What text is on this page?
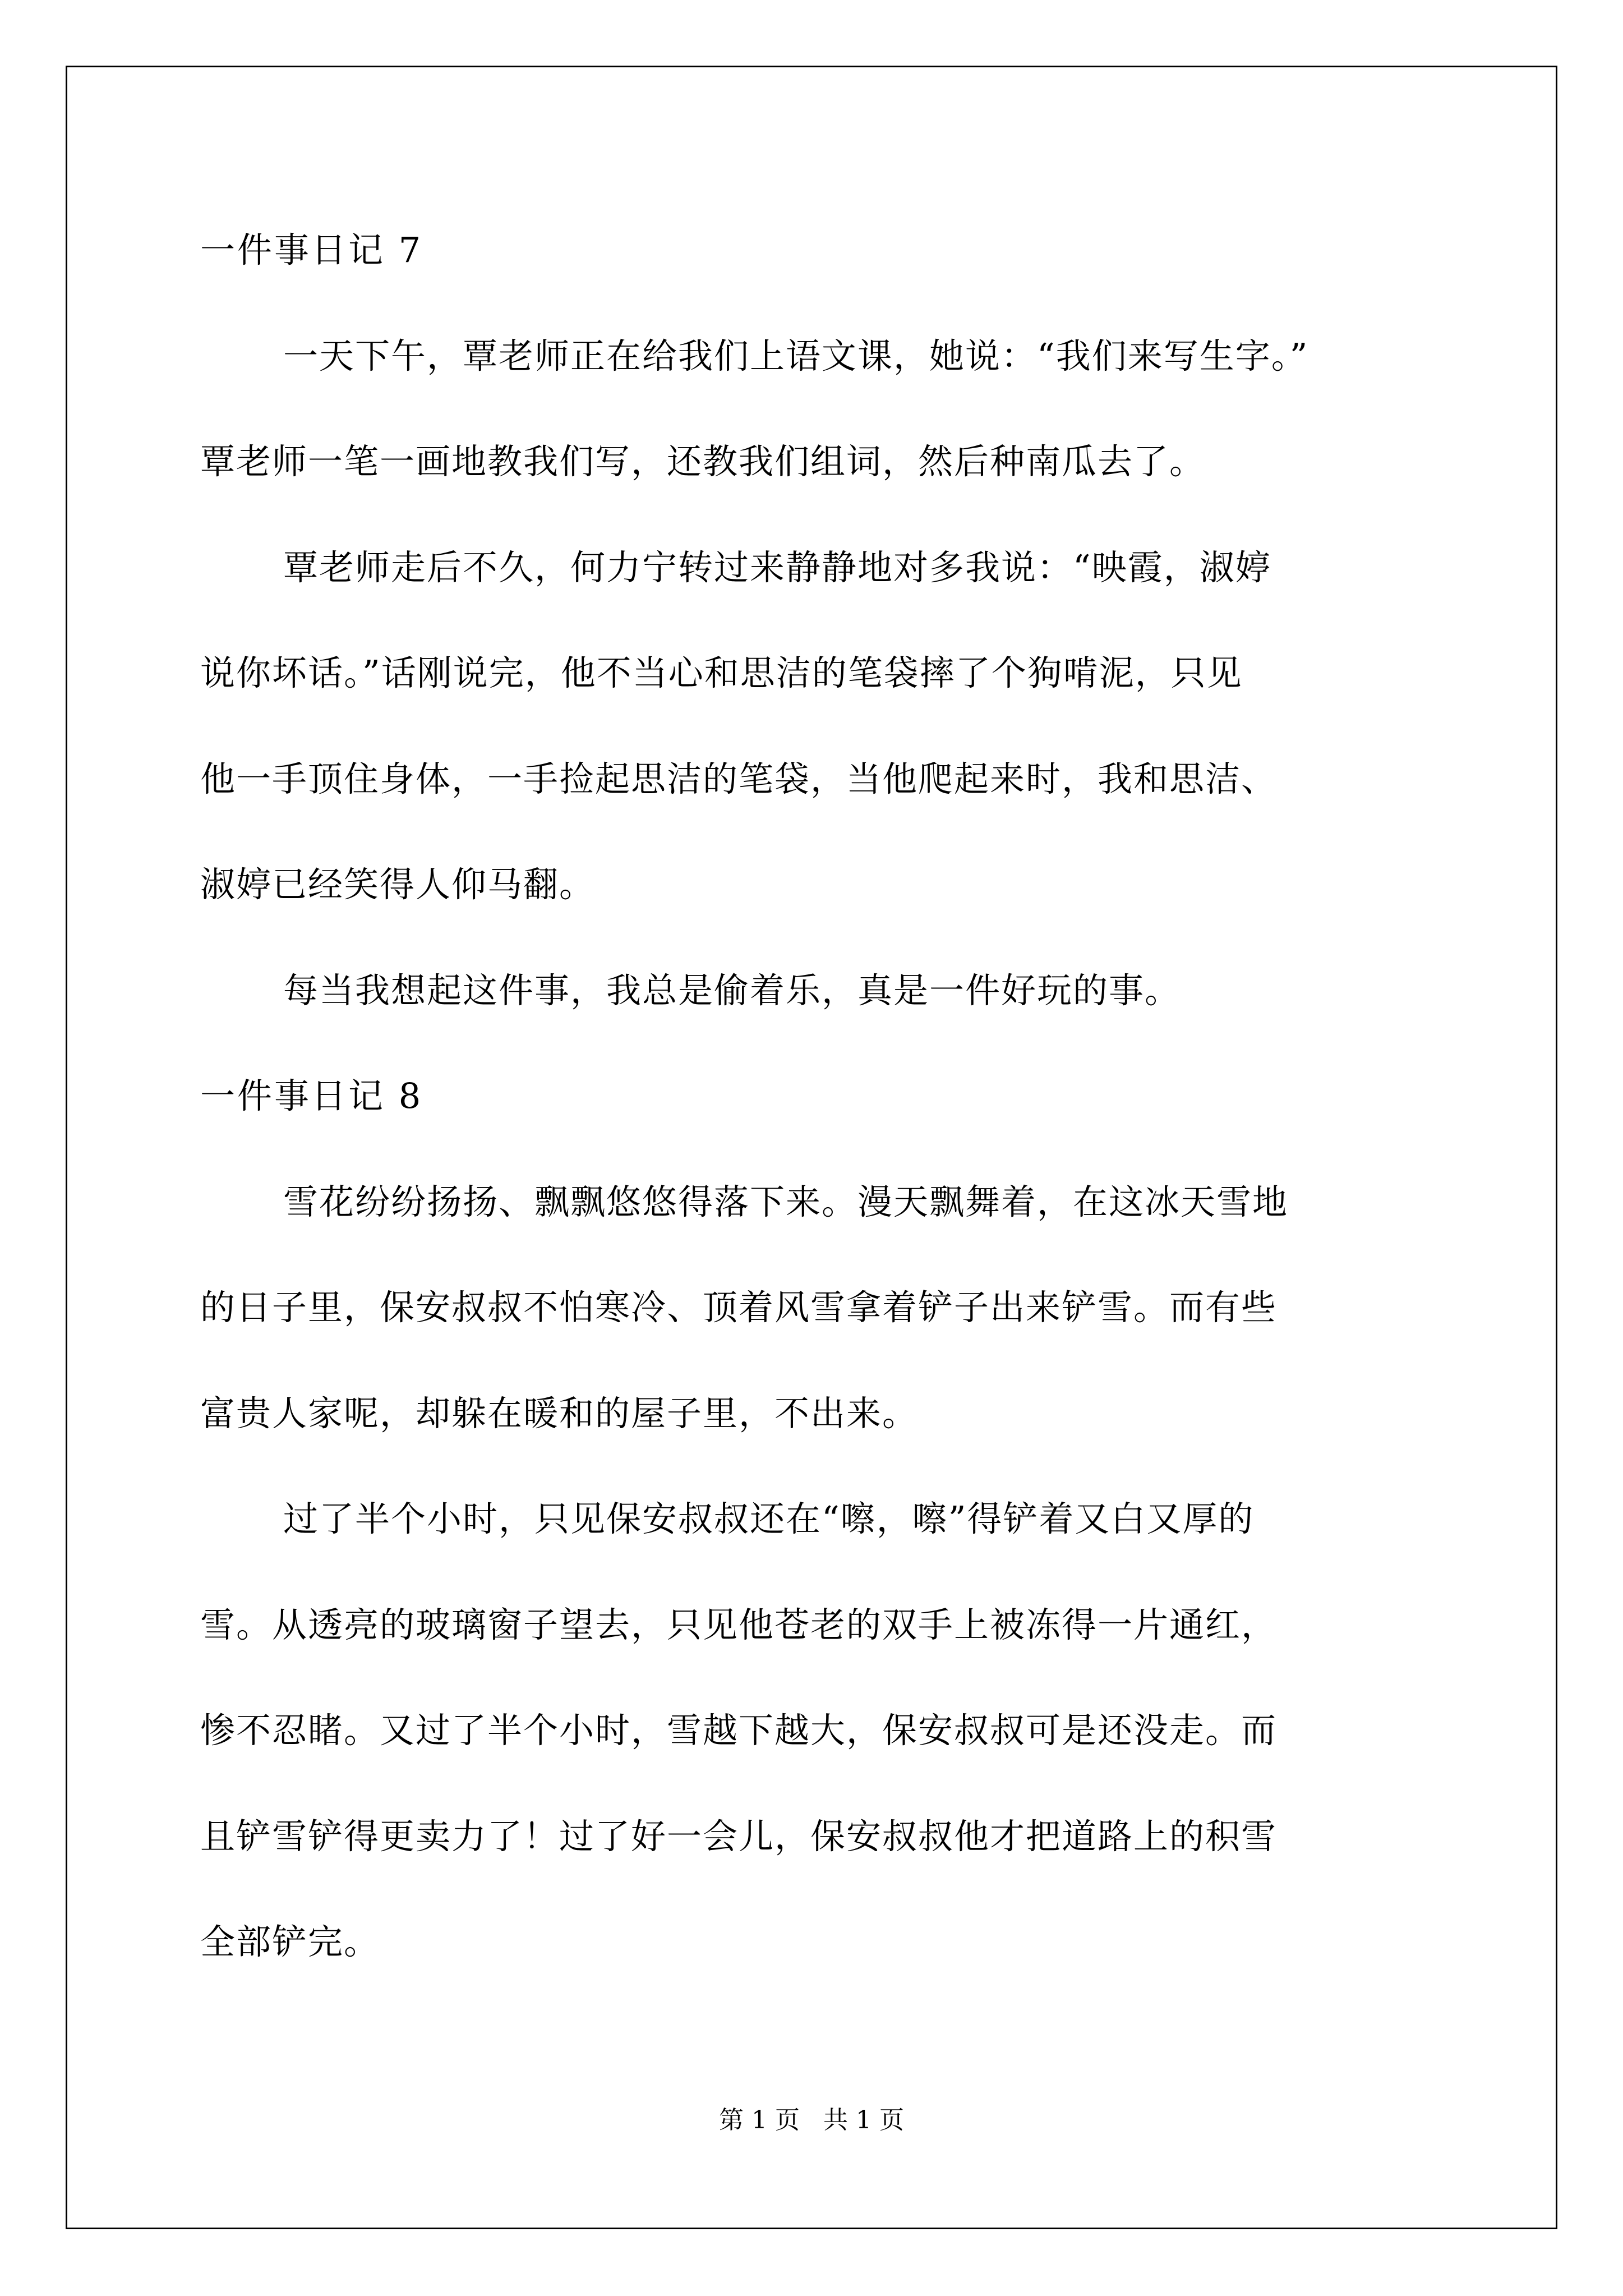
一件事日记 7
一天下午，覃老师正在给我们上语文课，她说：“我们来写生字。”
覃老师一笔一画地教我们写，还教我们组词，然后种南瓜去了。
覃老师走后不久，何力宁转过来静静地对多我说：“映霞，淑婷
说你坏话。”话刚说完，他不当心和思洁的笔袋摔了个狗啃泥，只见
他一手顶住身体，一手捡起思洁的笔袋，当他爬起来时，我和思洁、
淑婷已经笑得人仰马翻。
每当我想起这件事，我总是偷着乐，真是一件好玩的事。
一件事日记 8
雪花纷纷扬扬、飘飘悠悠得落下来。漫天飘舞着，在这冰天雪地
的日子里，保安叔叔不怕寒冷、顶着风雪拿着铲子出来铲雪。而有些
富贵人家呢，却躲在暖和的屋子里，不出来。
过了半个小时，只见保安叔叔还在“嚓，嚓”得铲着又白又厚的
雪。从透亮的玻璃窗子望去，只见他苍老的双手上被冻得一片通红，
惨不忍睹。又过了半个小时，雪越下越大，保安叔叔可是还没走。而
且铲雪铲得更卖力了！过了好一会儿，保安叔叔他才把道路上的积雪
全部铲完。
第 1 页   共 1 页
